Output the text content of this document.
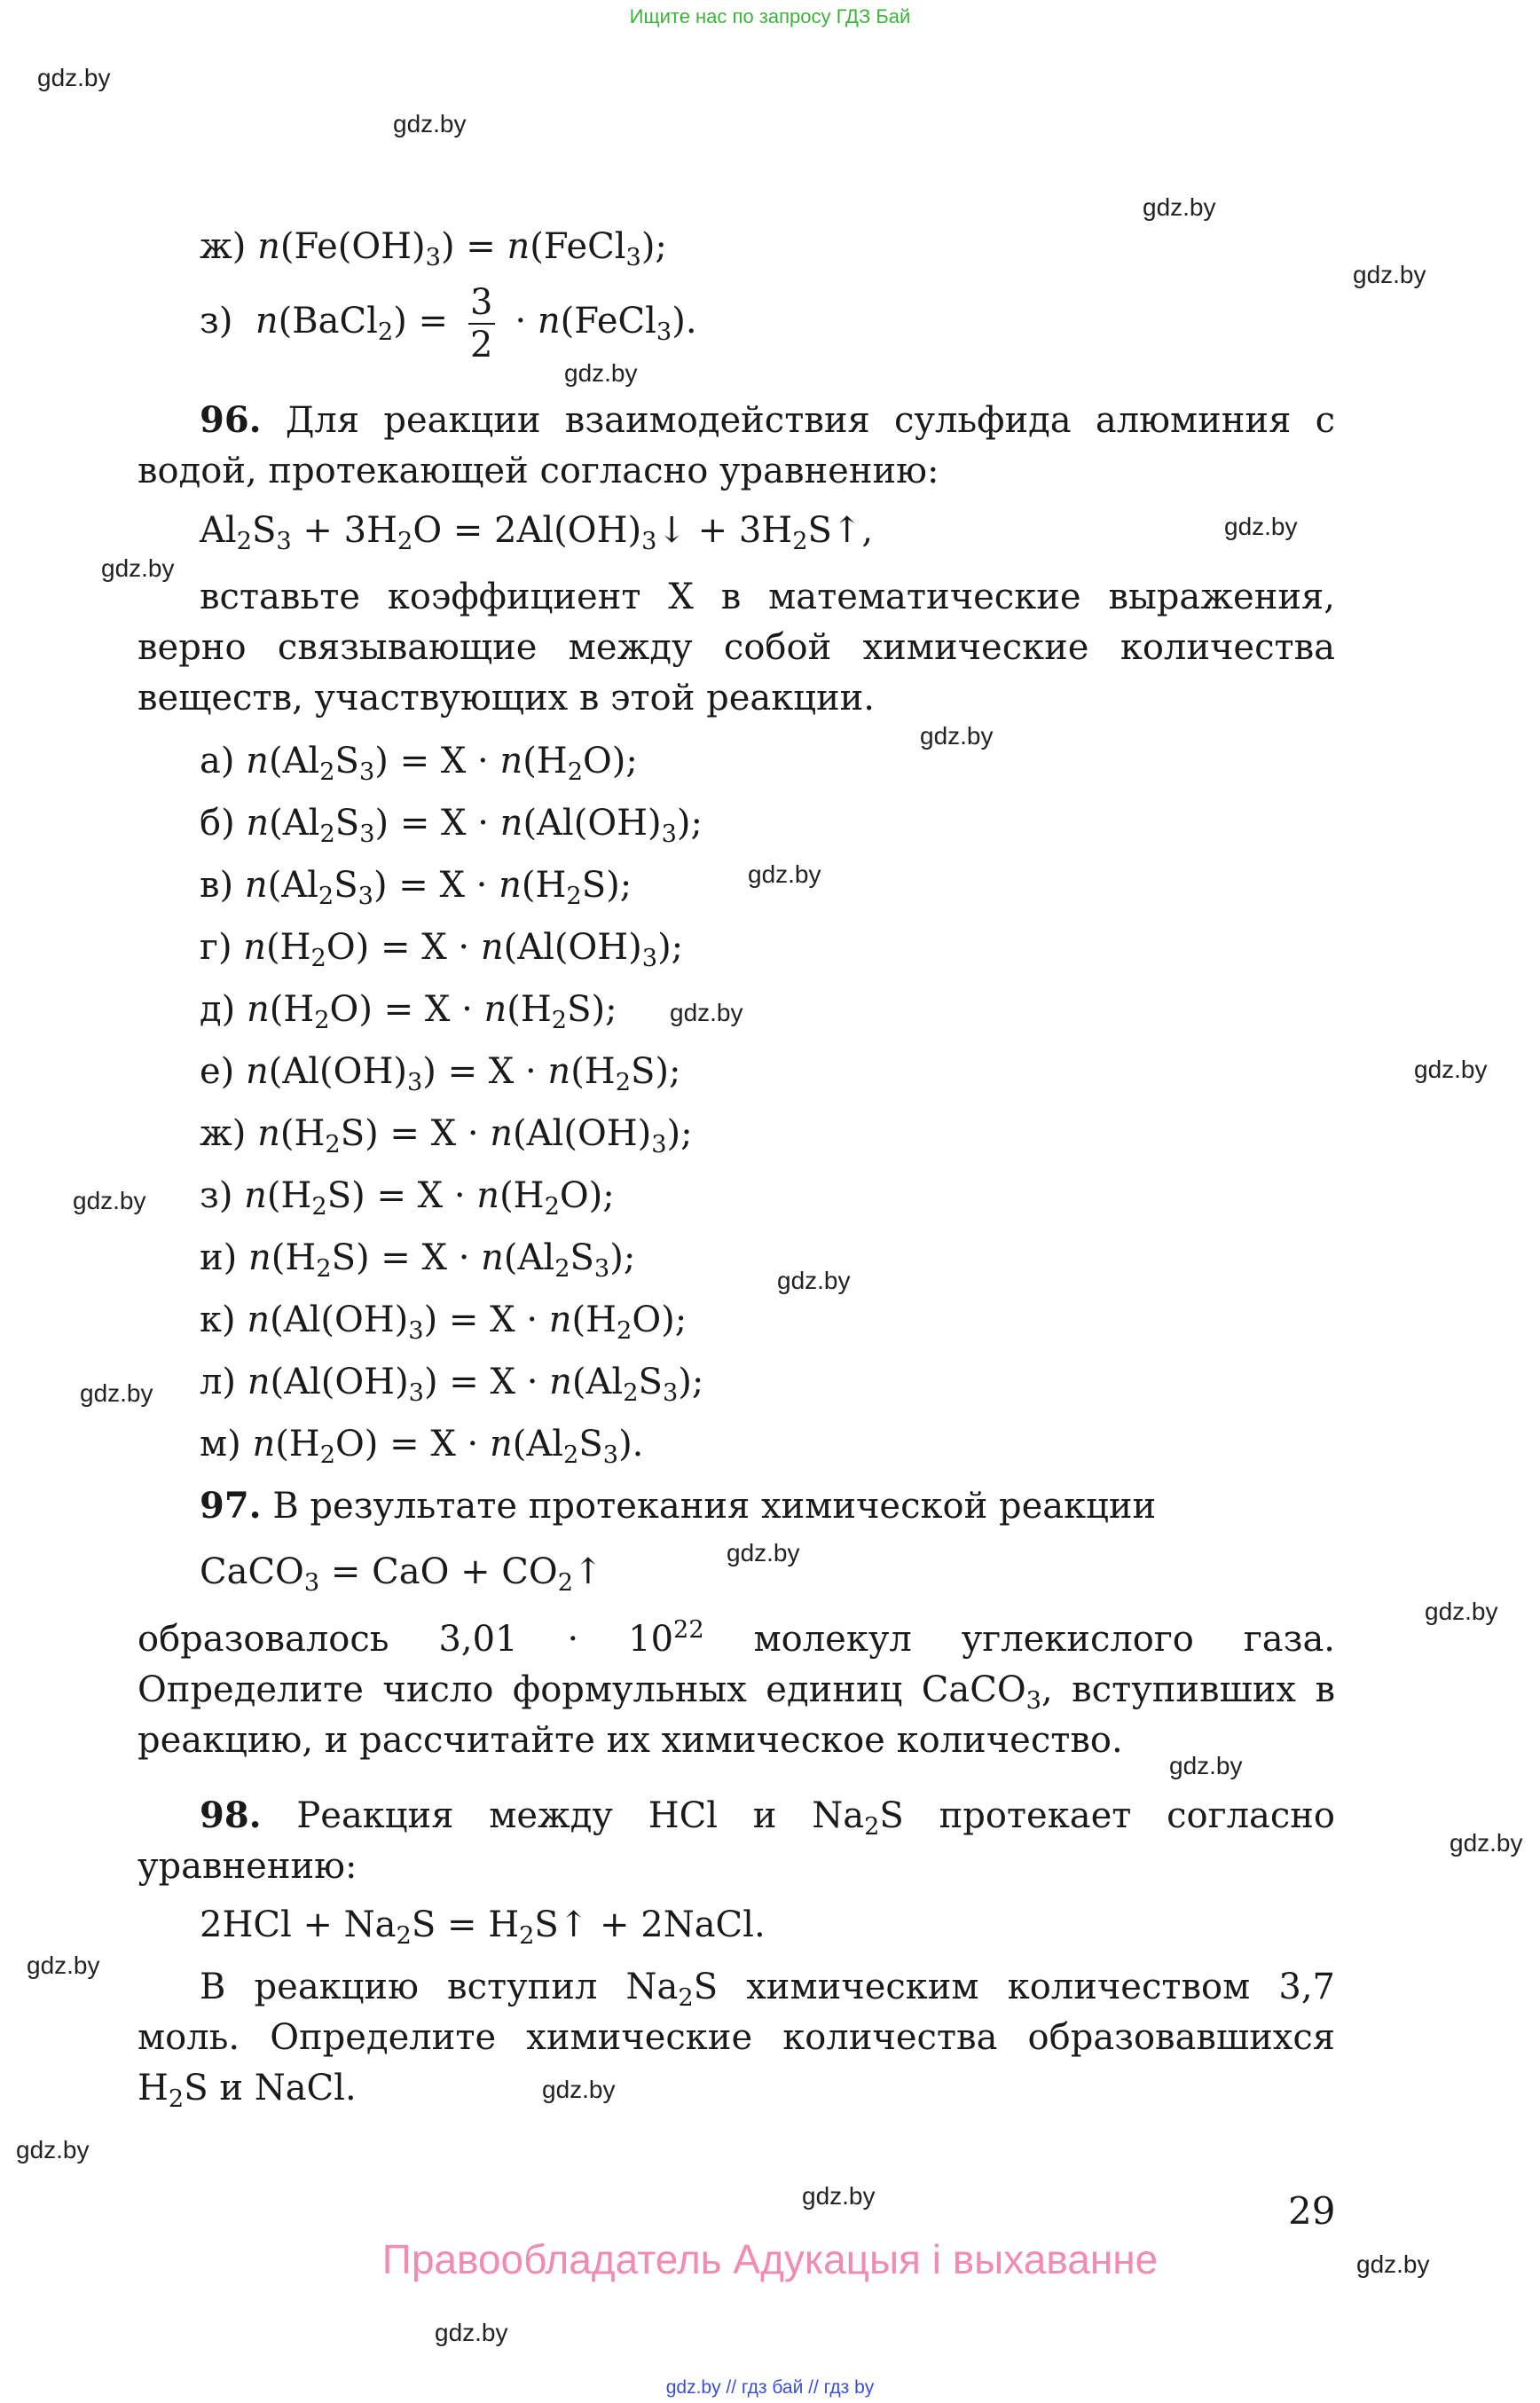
Ищите нас по запросу ГДЗ Бай
ж) $n(Fe(OH)_3)$ = n(FeCl$_3$);
з) n(BaCl$_2$) = $\frac{3}{2}$ · n(FeCl$_3$).
96. Для реакции взаимодействия сульфида алюминия с водой, протекающей согласно уравнению:
$Al_2S_3 + 3H_2O$ = $2Al(OH)_3↓$ + $3H_2S↑$,
вставьте коэффициент X в математические выражения, верно связывающие между собой химические количества веществ, участвующих в этой реакции.
а) $n(Al_2S_3) = X \cdot n(H_2O)$;
б) $n(Al_2S_3) = X \cdot n(Al(OH)_3)$;
в) $n(Al_2S_3) = X \cdot n(H_2S)$;
г) $n(H_2O) = X \cdot n(Al(OH)_3)$;
д) $n(H_2O) = X \cdot n(H_2S)$;
е) $n(Al(OH)_3) = X \cdot n(H_2S)$;
ж) $n(H_2S) = X \cdot n(Al(OH)_3)$;
з) $n(H_2S) = X \cdot n(H_2O)$;
и) $n(H_2S) = X \cdot n(Al_2S_3)$;
к) $n(Al(OH)_3) = X \cdot n(H_2O)$;
л) $n(Al(OH)_3) = X \cdot n(Al_2S_3)$;
м) $n(H_2O) = X \cdot n(Al_2S_3)$.
97. В результате протекания химической реакции
CaCO$_3$ = CaO + $CO_2↑$
образовалось $3,01 \cdot 10^{22}$ молекул углекислого газа. Определите число формульных единиц CaCO$_3$, вступивших в реакцию, и рассчитайте их химическое количество.
98. Реакция между HCl и $Na_2S$ протекает согласно уравнению:
$2HCl + Na_2S$ = $H_2S↑$ + 2NaCl.
В реакцию вступил $Na_2S$ химическим количеством 3,7 моль. Определите химические количества образовавшихся $H_2S$ и NaCl.
29
Правообладатель Адукацыя і выхаванне
gdz.by // гдз бай // гдз by
gdz.by
gdz.by
gdz.by
gdz.by
gdz.by
gdz.by
gdz.by
gdz.by
gdz.by
gdz.by
gdz.by
gdz.by
gdz.by
gdz.by
gdz.by
gdz.by
gdz.by
gdz.by
gdz.by
gdz.by
gdz.by
gdz.by
gdz.by
gdz.by
